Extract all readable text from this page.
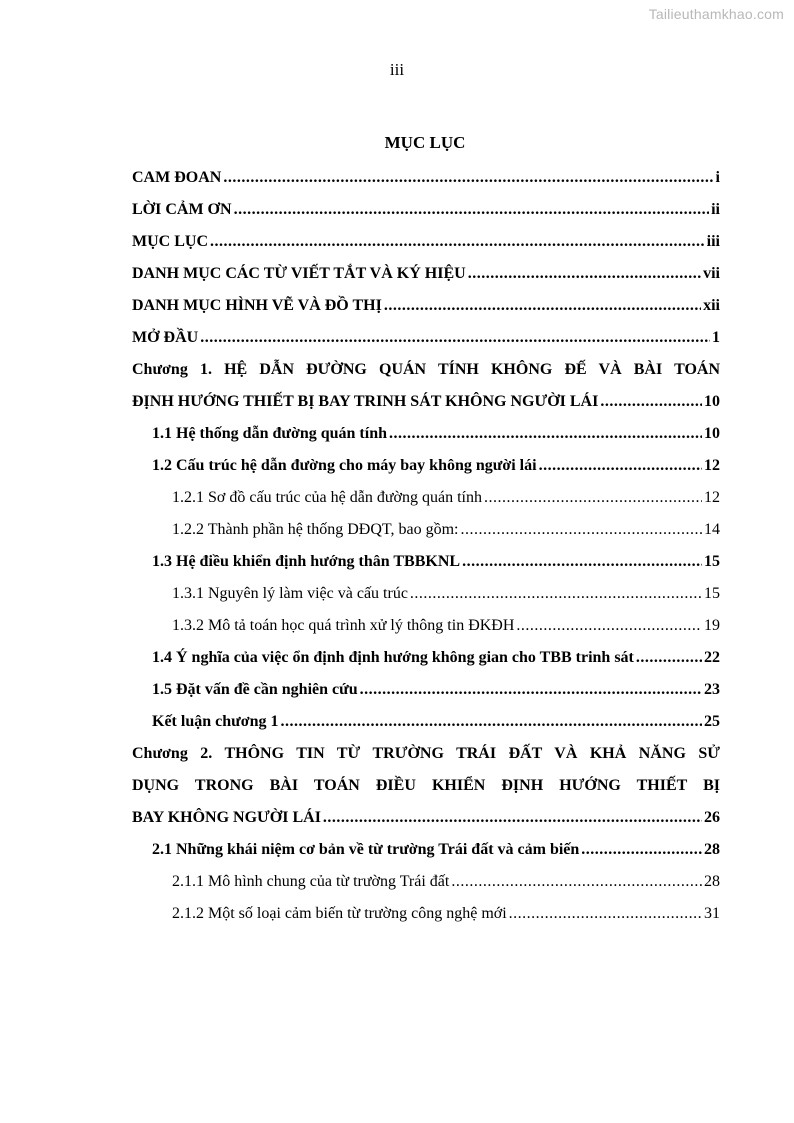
Tailieuthamkhao.com
iii
MỤC LỤC
CAM ĐOAN .....	i
LỜI CẢM ƠN .....	ii
MỤC LỤC .....	iii
DANH MỤC CÁC TỪ VIẾT TẮT VÀ KÝ HIỆU .....	vii
DANH MỤC HÌNH VẼ VÀ ĐỒ THỊ .....	xii
MỞ ĐẦU .....	1
Chương 1. HỆ DẪN ĐƯỜNG QUÁN TÍNH KHÔNG ĐẾ VÀ BÀI TOÁN
ĐỊNH HƯỚNG THIẾT BỊ BAY TRINH SÁT KHÔNG NGƯỜI LÁI .....	10
1.1 Hệ thống dẫn đường quán tính .....	10
1.2 Cấu trúc hệ dẫn đường cho máy bay không người lái .....	12
1.2.1 Sơ đồ cấu trúc của hệ dẫn đường quán tính .....	12
1.2.2 Thành phần hệ thống DĐQT, bao gồm: .....	14
1.3 Hệ điều khiển định hướng thân TBBKNL .....	15
1.3.1 Nguyên lý làm việc và cấu trúc .....	15
1.3.2 Mô tả toán học quá trình xử lý thông tin ĐKĐH .....	19
1.4 Ý nghĩa của việc ổn định định hướng không gian cho TBB trinh sát .....	22
1.5 Đặt vấn đề cần nghiên cứu .....	23
Kết luận chương 1 .....	25
Chương 2. THÔNG TIN TỪ TRƯỜNG TRÁI ĐẤT VÀ KHẢ NĂNG SỬ
DỤNG TRONG BÀI TOÁN ĐIỀU KHIỂN ĐỊNH HƯỚNG THIẾT BỊ
BAY KHÔNG NGƯỜI LÁI .....	26
2.1 Những khái niệm cơ bản về từ trường Trái đất và cảm biến .....	28
2.1.1 Mô hình chung của từ trường Trái đất .....	28
2.1.2 Một số loại cảm biến từ trường công nghệ mới .....	31
